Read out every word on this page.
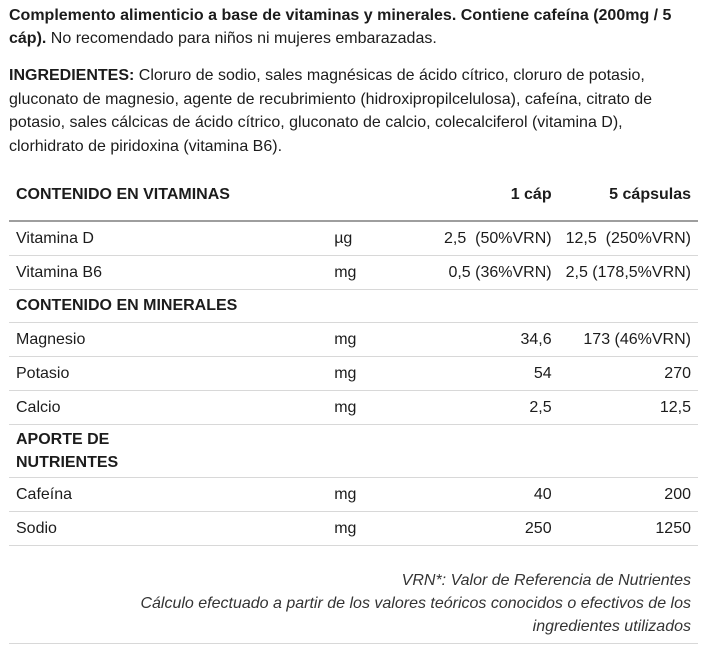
Complemento alimenticio a base de vitaminas y minerales. Contiene cafeína (200mg / 5 cáp). No recomendado para niños ni mujeres embarazadas.
INGREDIENTES: Cloruro de sodio, sales magnésicas de ácido cítrico, cloruro de potasio, gluconato de magnesio, agente de recubrimiento (hidroxipropilcelulosa), cafeína, citrato de potasio, sales cálcicas de ácido cítrico, gluconato de calcio, colecalciferol (vitamina D), clorhidrato de piridoxina (vitamina B6).
CONTENIDO EN VITAMINAS		1 cáp	5 cápsulas
Vitamina D	µg	2,5  (50%VRN)	12,5  (250%VRN)
Vitamina B6	mg	0,5 (36%VRN)	2,5 (178,5%VRN)
CONTENIDO EN MINERALES			
Magnesio	mg	34,6	173 (46%VRN)
Potasio	mg	54	270
Calcio	mg	2,5	12,5
APORTE DE NUTRIENTES			
Cafeína	mg	40	200
Sodio	mg	250	1250
VRN*: Valor de Referencia de Nutrientes
Cálculo efectuado a partir de los valores teóricos conocidos o efectivos de los ingredientes utilizados
